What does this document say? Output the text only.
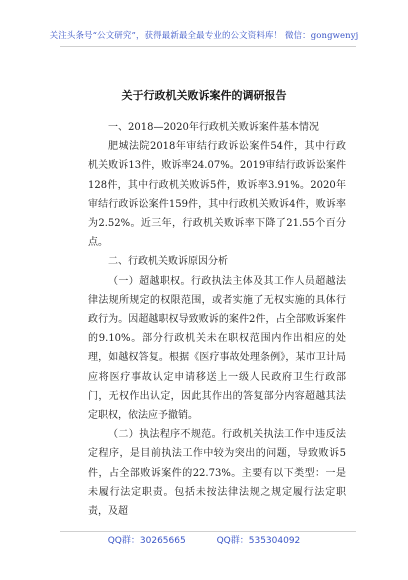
关注头条号“公文研究”，获得最新最全最专业的公文资料库！ 微信：gongwenyj
关于行政机关败诉案件的调研报告

一、2018—2020年行政机关败诉案件基本情况

肥城法院2018年审结行政诉讼案件54件，其中行政机关败诉13件，败诉率24.07%。2019审结行政诉讼案件128件，其中行政机关败诉5件，败诉率3.91%。2020年审结行政诉讼案件159件，其中行政机关败诉4件，败诉率为2.52%。近三年，行政机关败诉率下降了21.55个百分点。

二、行政机关败诉原因分析

（一）超越职权。行政执法主体及其工作人员超越法律法规所规定的权限范围，或者实施了无权实施的具体行政行为。因超越职权导致败诉的案件2件，占全部败诉案件的9.10%。部分行政机关未在职权范围内作出相应的处理，如越权答复。根据《医疗事故处理条例》，某市卫计局应将医疗事故认定申请移送上一级人民政府卫生行政部门，无权作出认定，因此其作出的答复部分内容超越其法定职权，依法应予撤销。

（二）执法程序不规范。行政机关执法工作中违反法定程序，是目前执法工作中较为突出的问题，导致败诉5件，占全部败诉案件的22.73%。主要有以下类型：一是未履行法定职责。包括未按法律法规之规定履行法定职责，及超

QQ群：30265665	QQ群：535304092
